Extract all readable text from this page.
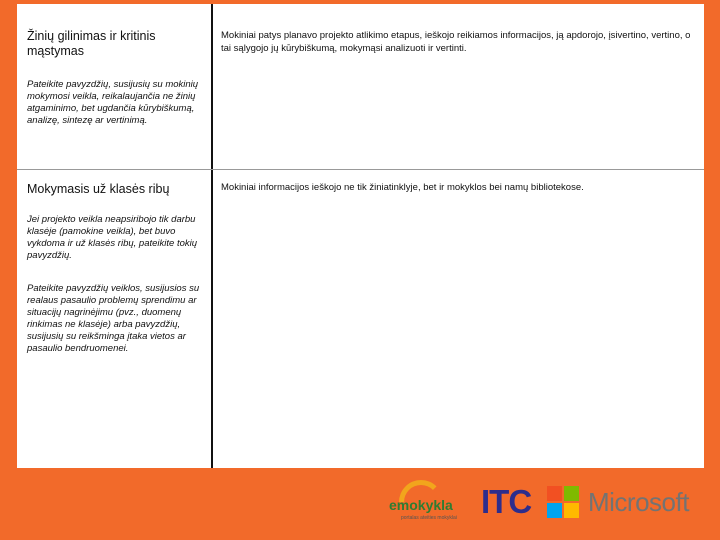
Žinių gilinimas ir kritinis mąstymas
Pateikite pavyzdžių, susijusių su mokinių mokymosi veikla, reikalaujančia ne žinių atgaminimo, bet ugdančia kūrybiškumą, analizę, sintezę ar vertinimą.
Mokiniai patys planavo projekto atlikimo etapus, ieškojo reikiamos informacijos, ją apdorojo, įsivertino, vertino, o tai sąlygojo jų kūrybiškumą, mokymąsi analizuoti ir vertinti.
Mokymasis už klasės ribų
Jei projekto veikla neapsiribojo tik darbu klasėje (pamokine veikla), bet buvo vykdoma ir už klasės ribų, pateikite tokių pavyzdžių.
Pateikite pavyzdžių veiklos, susijusios su realaus pasaulio problemų sprendimu ar situacijų nagrinėjimu (pvz., duomenų rinkimas ne klasėje) arba pavyzdžių, susijusių su reikšminga įtaka vietos ar pasaulio bendruomenei.
Mokiniai informacijos ieškojo ne tik žiniatinklyje, bet ir mokyklos bei namų bibliotekose.
emokykla
portalas ateities mokyklai ITC	Microsoft
